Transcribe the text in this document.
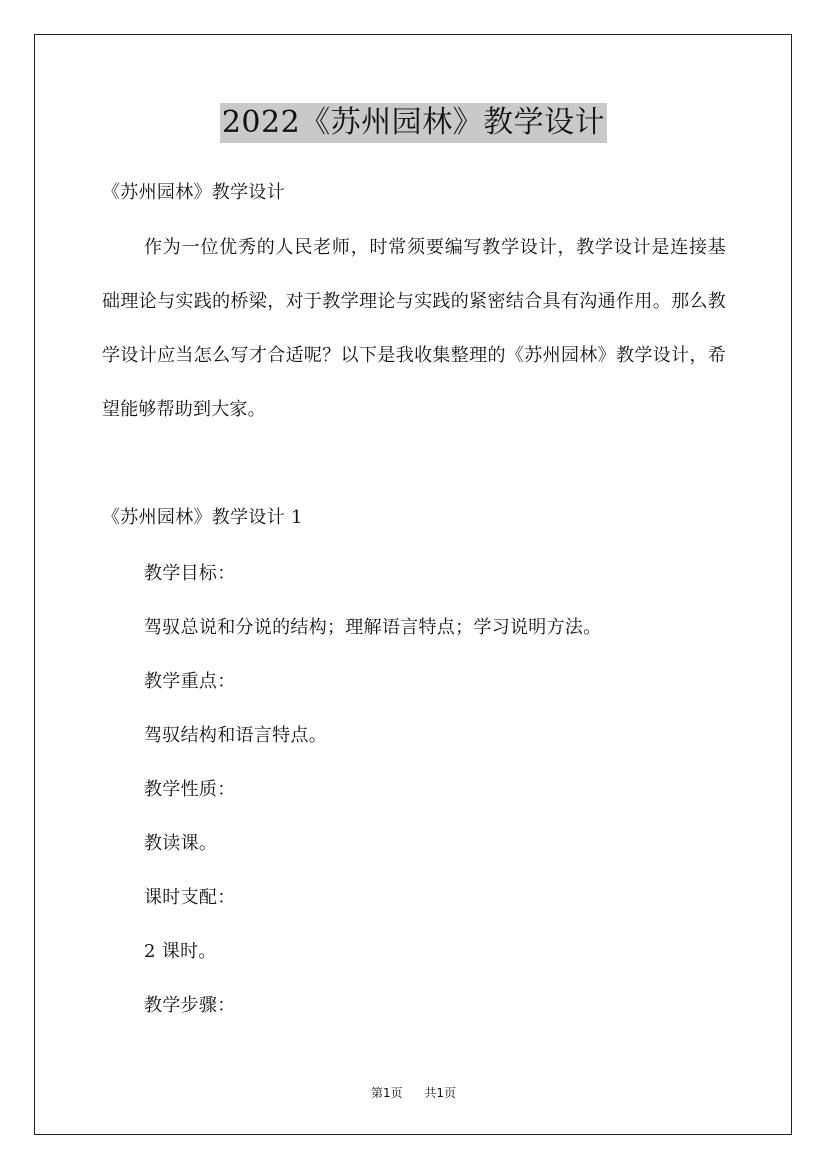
2022《苏州园林》教学设计
《苏州园林》教学设计
作为一位优秀的人民老师，时常须要编写教学设计，教学设计是连接基础理论与实践的桥梁，对于教学理论与实践的紧密结合具有沟通作用。那么教学设计应当怎么写才合适呢？以下是我收集整理的《苏州园林》教学设计，希望能够帮助到大家。
《苏州园林》教学设计 1
教学目标：
驾驭总说和分说的结构；理解语言特点；学习说明方法。
教学重点：
驾驭结构和语言特点。
教学性质：
教读课。
课时支配：
2 课时。
教学步骤：
第1页 共1页
